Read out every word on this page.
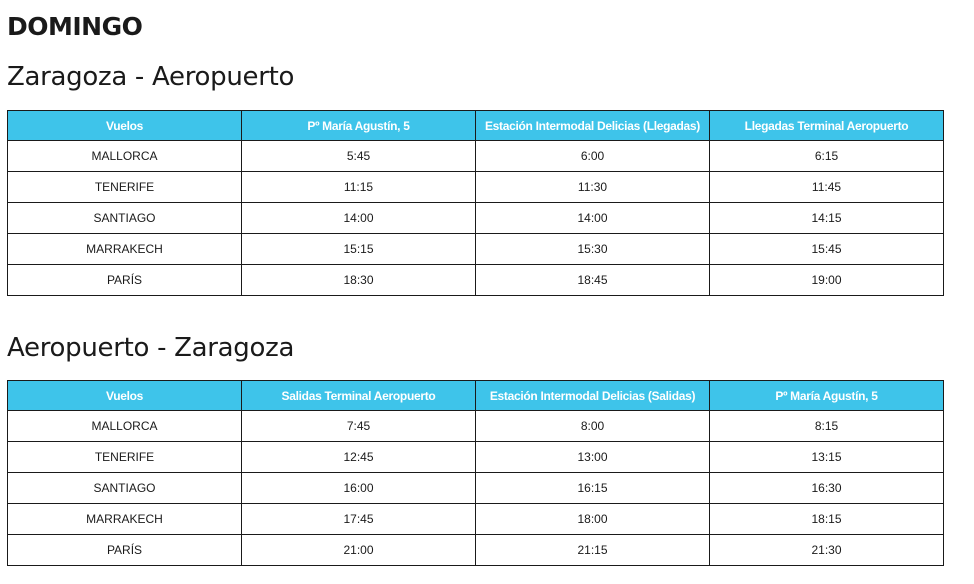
DOMINGO
Zaragoza - Aeropuerto
Vuelos	Pº María Agustín, 5	Estación Intermodal Delicias (Llegadas)	Llegadas Terminal Aeropuerto
MALLORCA	5:45	6:00	6:15
TENERIFE	11:15	11:30	11:45
SANTIAGO	14:00	14:00	14:15
MARRAKECH	15:15	15:30	15:45
PARÍS	18:30	18:45	19:00
Aeropuerto - Zaragoza
Vuelos	Salidas Terminal Aeropuerto	Estación Intermodal Delicias (Salidas)	Pº María Agustín, 5
MALLORCA	7:45	8:00	8:15
TENERIFE	12:45	13:00	13:15
SANTIAGO	16:00	16:15	16:30
MARRAKECH	17:45	18:00	18:15
PARÍS	21:00	21:15	21:30
